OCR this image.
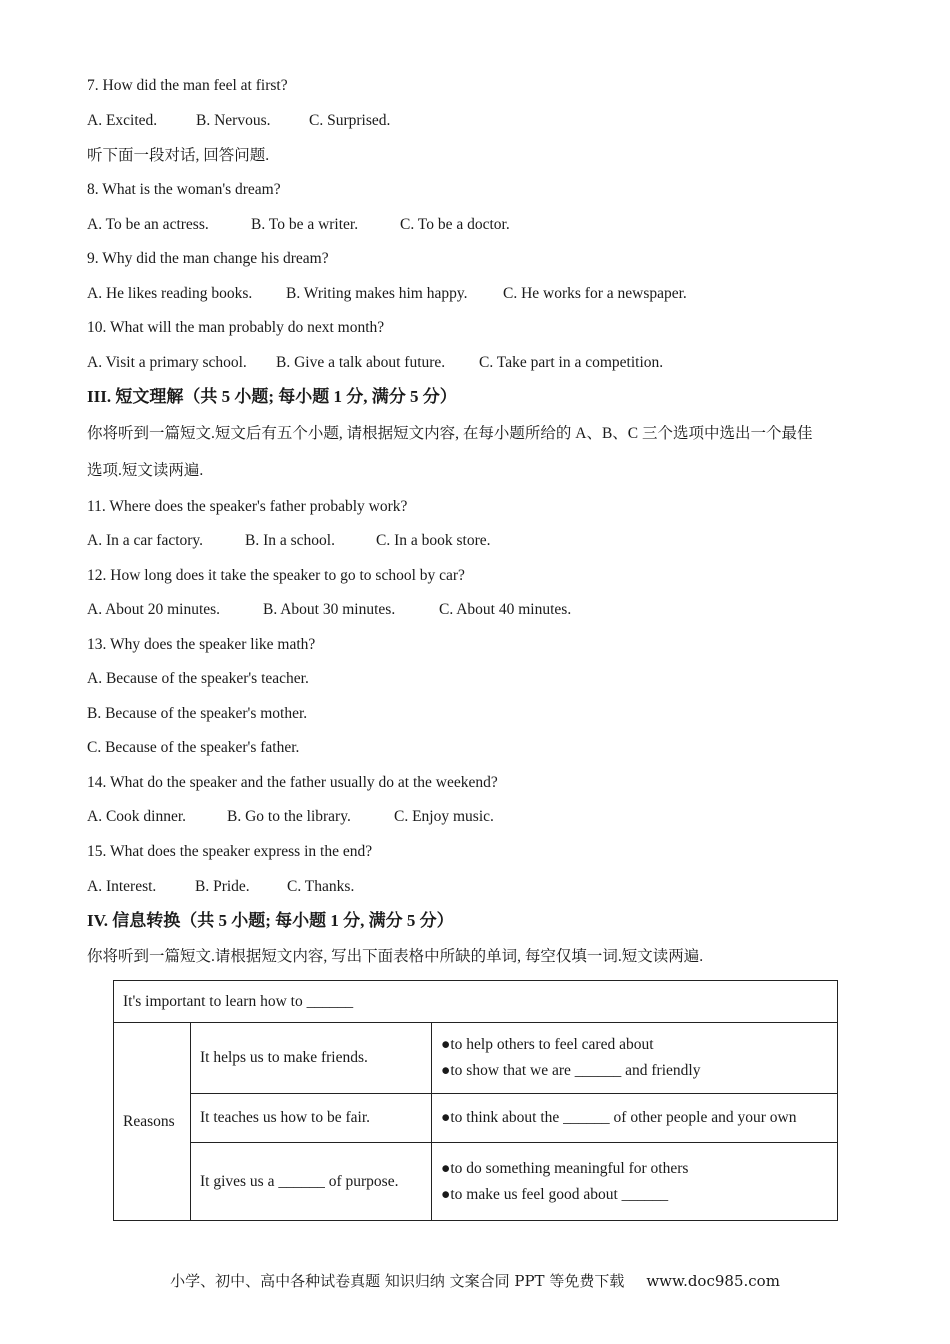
7. How did the man feel at first?
A. Excited.	B. Nervous. C. Surprised.
听下面一段对话, 回答问题.
8. What is the woman's dream?
A. To be an actress.	B. To be a writer.	C. To be a doctor.
9. Why did the man change his dream?
A. He likes reading books. B. Writing makes him happy. C. He works for a newspaper.
10. What will the man probably do next month?
A. Visit a primary school. B. Give a talk about future. C. Take part in a competition.
III. 短文理解（共 5 小题; 每小题 1 分, 满分 5 分）
你将听到一篇短文.短文后有五个小题, 请根据短文内容, 在每小题所给的 A、B、C 三个选项中选出一个最佳
选项.短文读两遍.
11. Where does the speaker's father probably work?
A. In a car factory.	B. In a school.	C. In a book store.
12. How long does it take the speaker to go to school by car?
A. About 20 minutes.	B. About 30 minutes.	C. About 40 minutes.
13. Why does the speaker like math?
A. Because of the speaker's teacher.
B. Because of the speaker's mother.
C. Because of the speaker's father.
14. What do the speaker and the father usually do at the weekend?
A. Cook dinner.	B. Go to the library.	C. Enjoy music.
15. What does the speaker express in the end?
A. Interest. B. Pride. C. Thanks.
IV. 信息转换（共 5 小题; 每小题 1 分, 满分 5 分）
你将听到一篇短文.请根据短文内容, 写出下面表格中所缺的单词, 每空仅填一词.短文读两遍.
It's important to learn how to ______		
Reasons	It helps us to make friends.	●to help others to feel cared about
●to show that we are ______ and friendly

	It teaches us how to be fair.	●to think about the ______ of other people and your own

	It gives us a ______ of purpose.	●to do something meaningful for others
●to make us feel good about ______
小学、初中、高中各种试卷真题 知识归纳 文案合同 PPT 等免费下载 www.doc985.com
